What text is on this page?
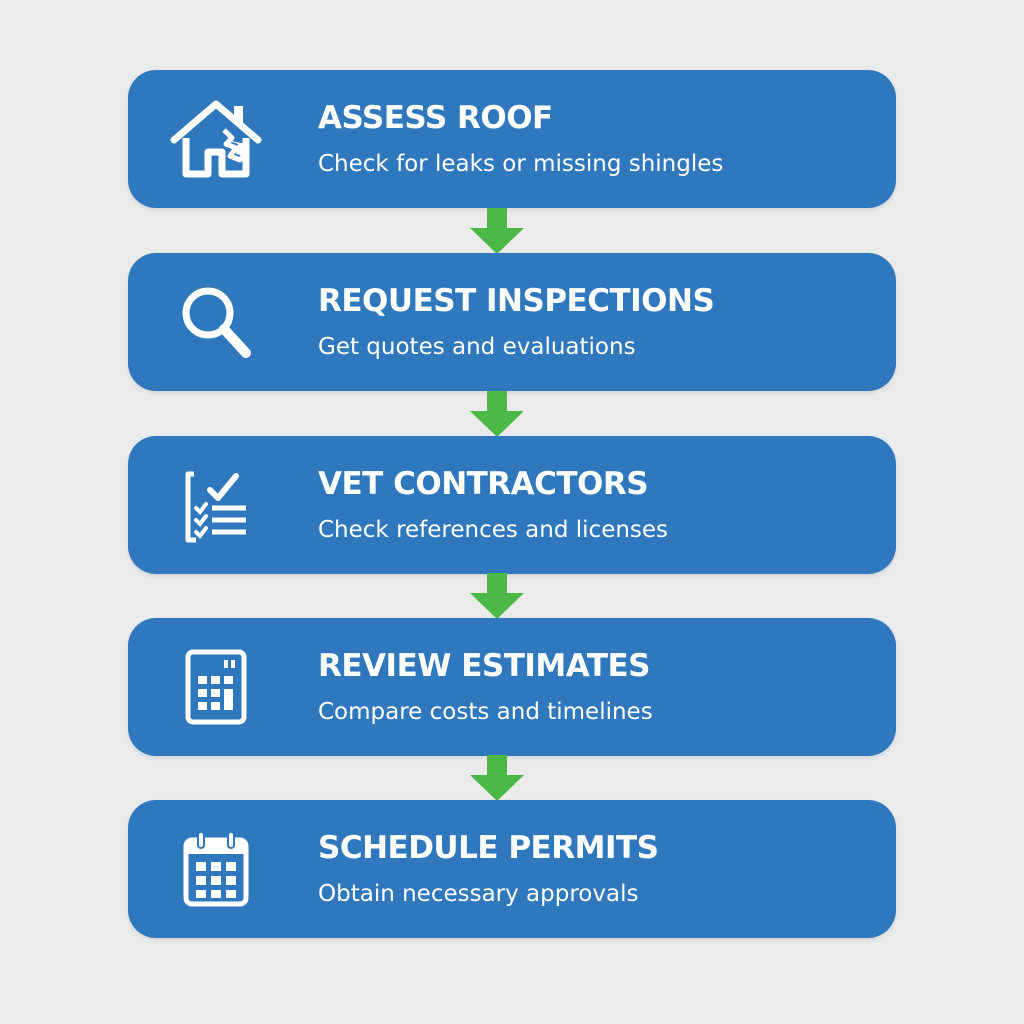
ASSESS ROOF
Check for leaks or missing shingles
REQUEST INSPECTIONS
Get quotes and evaluations
VET CONTRACTORS
Check references and licenses
REVIEW ESTIMATES
Compare costs and timelines
SCHEDULE PERMITS
Obtain necessary approvals
